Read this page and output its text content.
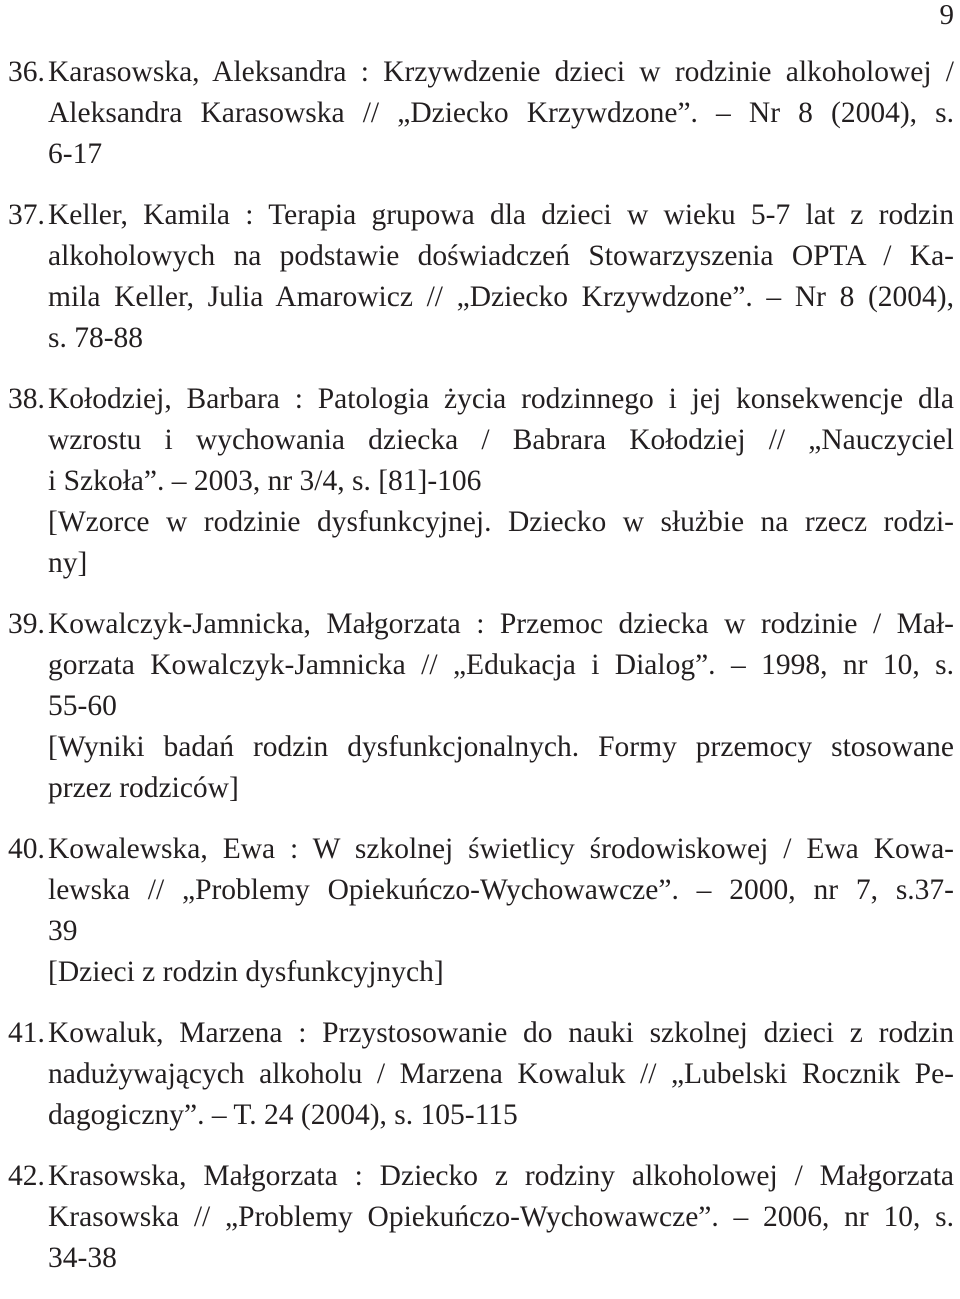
9
36. Karasowska, Aleksandra : Krzywdzenie dzieci w rodzinie alkoholowej /
Aleksandra Karasowska // „Dziecko Krzywdzone”. – Nr 8 (2004), s.
6-17
37. Keller, Kamila : Terapia grupowa dla dzieci w wieku 5-7 lat z rodzin
alkoholowych na podstawie doświadczeń Stowarzyszenia OPTA / Ka-
mila Keller, Julia Amarowicz // „Dziecko Krzywdzone”. – Nr 8 (2004),
s. 78-88
38. Kołodziej, Barbara : Patologia życia rodzinnego i jej konsekwencje dla
wzrostu i wychowania dziecka / Babrara Kołodziej // „Nauczyciel
i Szkoła”. – 2003, nr 3/4, s. [81]-106
[Wzorce w rodzinie dysfunkcyjnej. Dziecko w służbie na rzecz rodzi-
ny]
39. Kowalczyk-Jamnicka, Małgorzata : Przemoc dziecka w rodzinie / Mał-
gorzata Kowalczyk-Jamnicka // „Edukacja i Dialog”. – 1998, nr 10, s.
55-60
[Wyniki badań rodzin dysfunkcjonalnych. Formy przemocy stosowane
przez rodziców]
40. Kowalewska, Ewa : W szkolnej świetlicy środowiskowej / Ewa Kowa-
lewska // „Problemy Opiekuńczo-Wychowawcze”. – 2000, nr 7, s.37-
39
[Dzieci z rodzin dysfunkcyjnych]
41. Kowaluk, Marzena : Przystosowanie do nauki szkolnej dzieci z rodzin
nadużywających alkoholu / Marzena Kowaluk // „Lubelski Rocznik Pe-
dagogiczny”. – T. 24 (2004), s. 105-115
42. Krasowska, Małgorzata : Dziecko z rodziny alkoholowej / Małgorzata
Krasowska // „Problemy Opiekuńczo-Wychowawcze”. – 2006, nr 10, s.
34-38
